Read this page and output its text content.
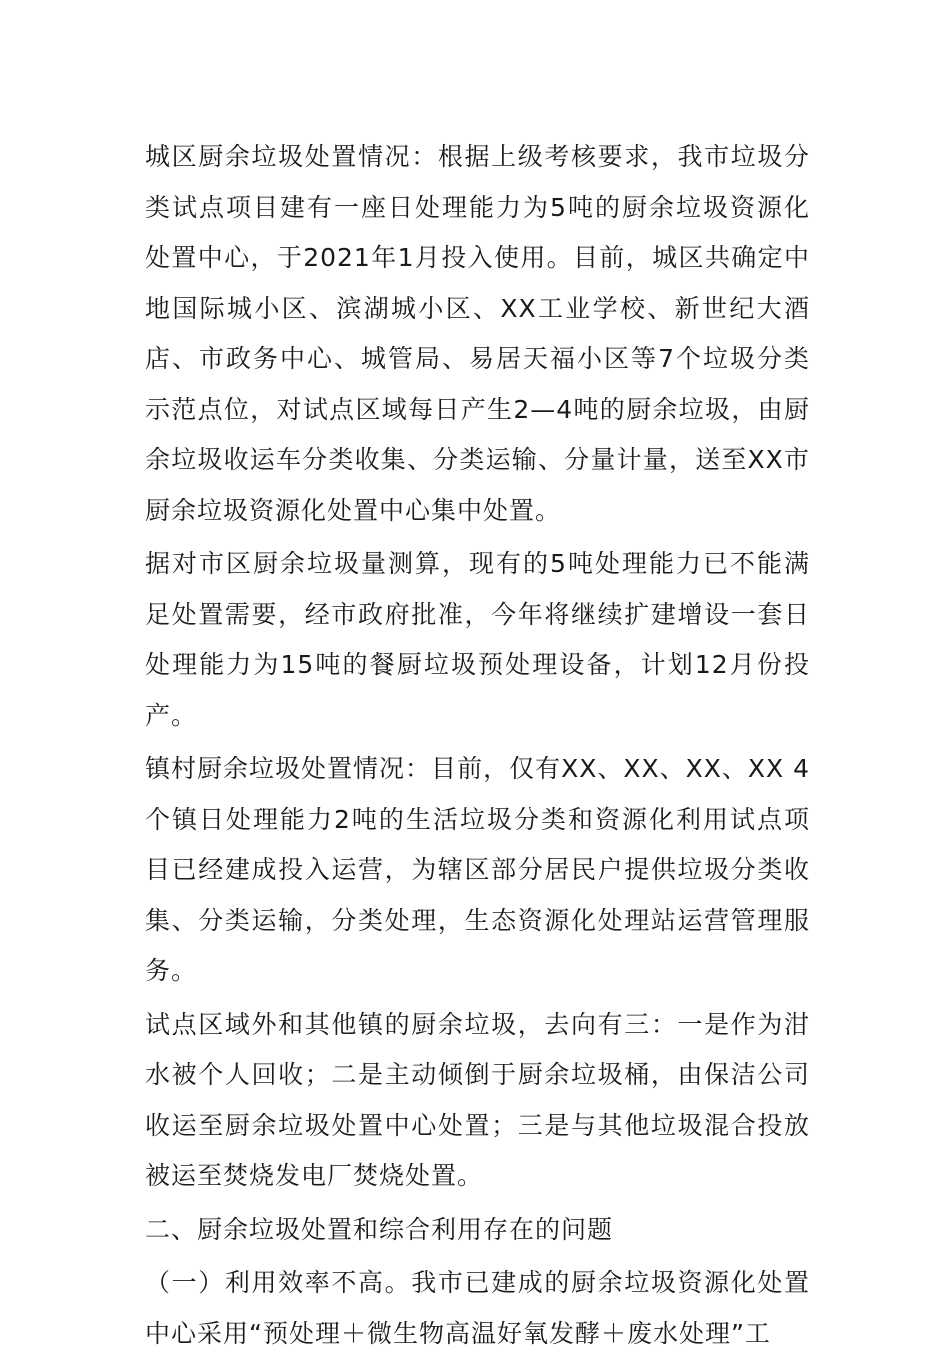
城区厨余垃圾处置情况：根据上级考核要求，我市垃圾分类试点项目建有一座日处理能力为5吨的厨余垃圾资源化处置中心，于2021年1月投入使用。目前，城区共确定中地国际城小区、滨湖城小区、XX工业学校、新世纪大酒店、市政务中心、城管局、易居天福小区等7个垃圾分类示范点位，对试点区域每日产生2—4吨的厨余垃圾，由厨余垃圾收运车分类收集、分类运输、分量计量，送至XX市厨余垃圾资源化处置中心集中处置。

据对市区厨余垃圾量测算，现有的5吨处理能力已不能满足处置需要，经市政府批准，今年将继续扩建增设一套日处理能力为15吨的餐厨垃圾预处理设备，计划12月份投产。

镇村厨余垃圾处置情况：目前，仅有XX、XX、XX、XX 4个镇日处理能力2吨的生活垃圾分类和资源化利用试点项目已经建成投入运营，为辖区部分居民户提供垃圾分类收集、分类运输，分类处理，生态资源化处理站运营管理服务。

试点区域外和其他镇的厨余垃圾，去向有三：一是作为泔水被个人回收；二是主动倾倒于厨余垃圾桶，由保洁公司收运至厨余垃圾处置中心处置；三是与其他垃圾混合投放被运至焚烧发电厂焚烧处置。

二、厨余垃圾处置和综合利用存在的问题

（一）利用效率不高。我市已建成的厨余垃圾资源化处置中心采用“预处理＋微生物高温好氧发酵＋废水处理”工
